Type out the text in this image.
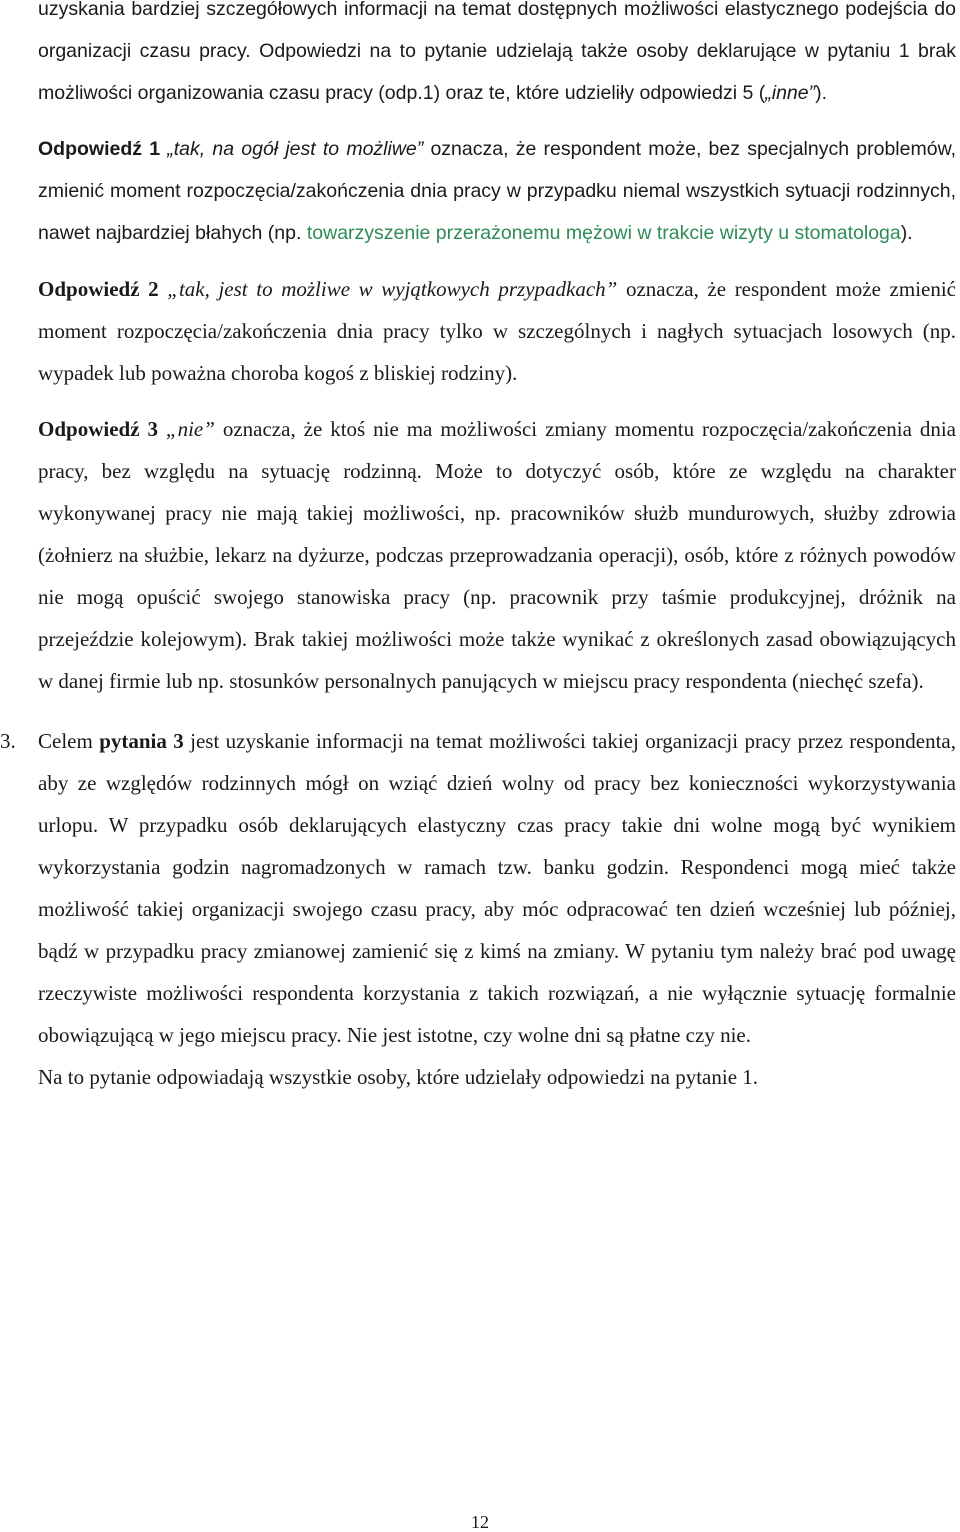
uzyskania bardziej szczegółowych informacji na temat dostępnych możliwości elastycznego podejścia do organizacji czasu pracy. Odpowiedzi na to pytanie udzielają także osoby deklarujące w pytaniu 1 brak możliwości organizowania czasu pracy (odp.1) oraz te, które udzieliły odpowiedzi 5 („inne”).

Odpowiedź 1 „tak, na ogół jest to możliwe” oznacza, że respondent może, bez specjalnych problemów, zmienić moment rozpoczęcia/zakończenia dnia pracy w przypadku niemal wszystkich sytuacji rodzinnych, nawet najbardziej błahych (np. towarzyszenie przerażonemu mężowi w trakcie wizyty u stomatologa).

Odpowiedź 2 „tak, jest to możliwe w wyjątkowych przypadkach” oznacza, że respondent może zmienić moment rozpoczęcia/zakończenia dnia pracy tylko w szczególnych i nagłych sytuacjach losowych (np. wypadek lub poważna choroba kogoś z bliskiej rodziny).

Odpowiedź 3 „nie” oznacza, że ktoś nie ma możliwości zmiany momentu rozpoczęcia/zakończenia dnia pracy, bez względu na sytuację rodzinną. Może to dotyczyć osób, które ze względu na charakter wykonywanej pracy nie mają takiej możliwości, np. pracowników służb mundurowych, służby zdrowia (żołnierz na służbie, lekarz na dyżurze, podczas przeprowadzania operacji), osób, które z różnych powodów nie mogą opuścić swojego stanowiska pracy (np. pracownik przy taśmie produkcyjnej, dróżnik na przejeździe kolejowym). Brak takiej możliwości może także wynikać z określonych zasad obowiązujących w danej firmie lub np. stosunków personalnych panujących w miejscu pracy respondenta (niechęć szefa).

3. Celem pytania 3 jest uzyskanie informacji na temat możliwości takiej organizacji pracy przez respondenta, aby ze względów rodzinnych mógł on wziąć dzień wolny od pracy bez konieczności wykorzystywania urlopu. W przypadku osób deklarujących elastyczny czas pracy takie dni wolne mogą być wynikiem wykorzystania godzin nagromadzonych w ramach tzw. banku godzin. Respondenci mogą mieć także możliwość takiej organizacji swojego czasu pracy, aby móc odpracować ten dzień wcześniej lub później, bądź w przypadku pracy zmianowej zamienić się z kimś na zmiany. W pytaniu tym należy brać pod uwagę rzeczywiste możliwości respondenta korzystania z takich rozwiązań, a nie wyłącznie sytuację formalnie obowiązującą w jego miejscu pracy. Nie jest istotne, czy wolne dni są płatne czy nie.

Na to pytanie odpowiadają wszystkie osoby, które udzielały odpowiedzi na pytanie 1.

12
